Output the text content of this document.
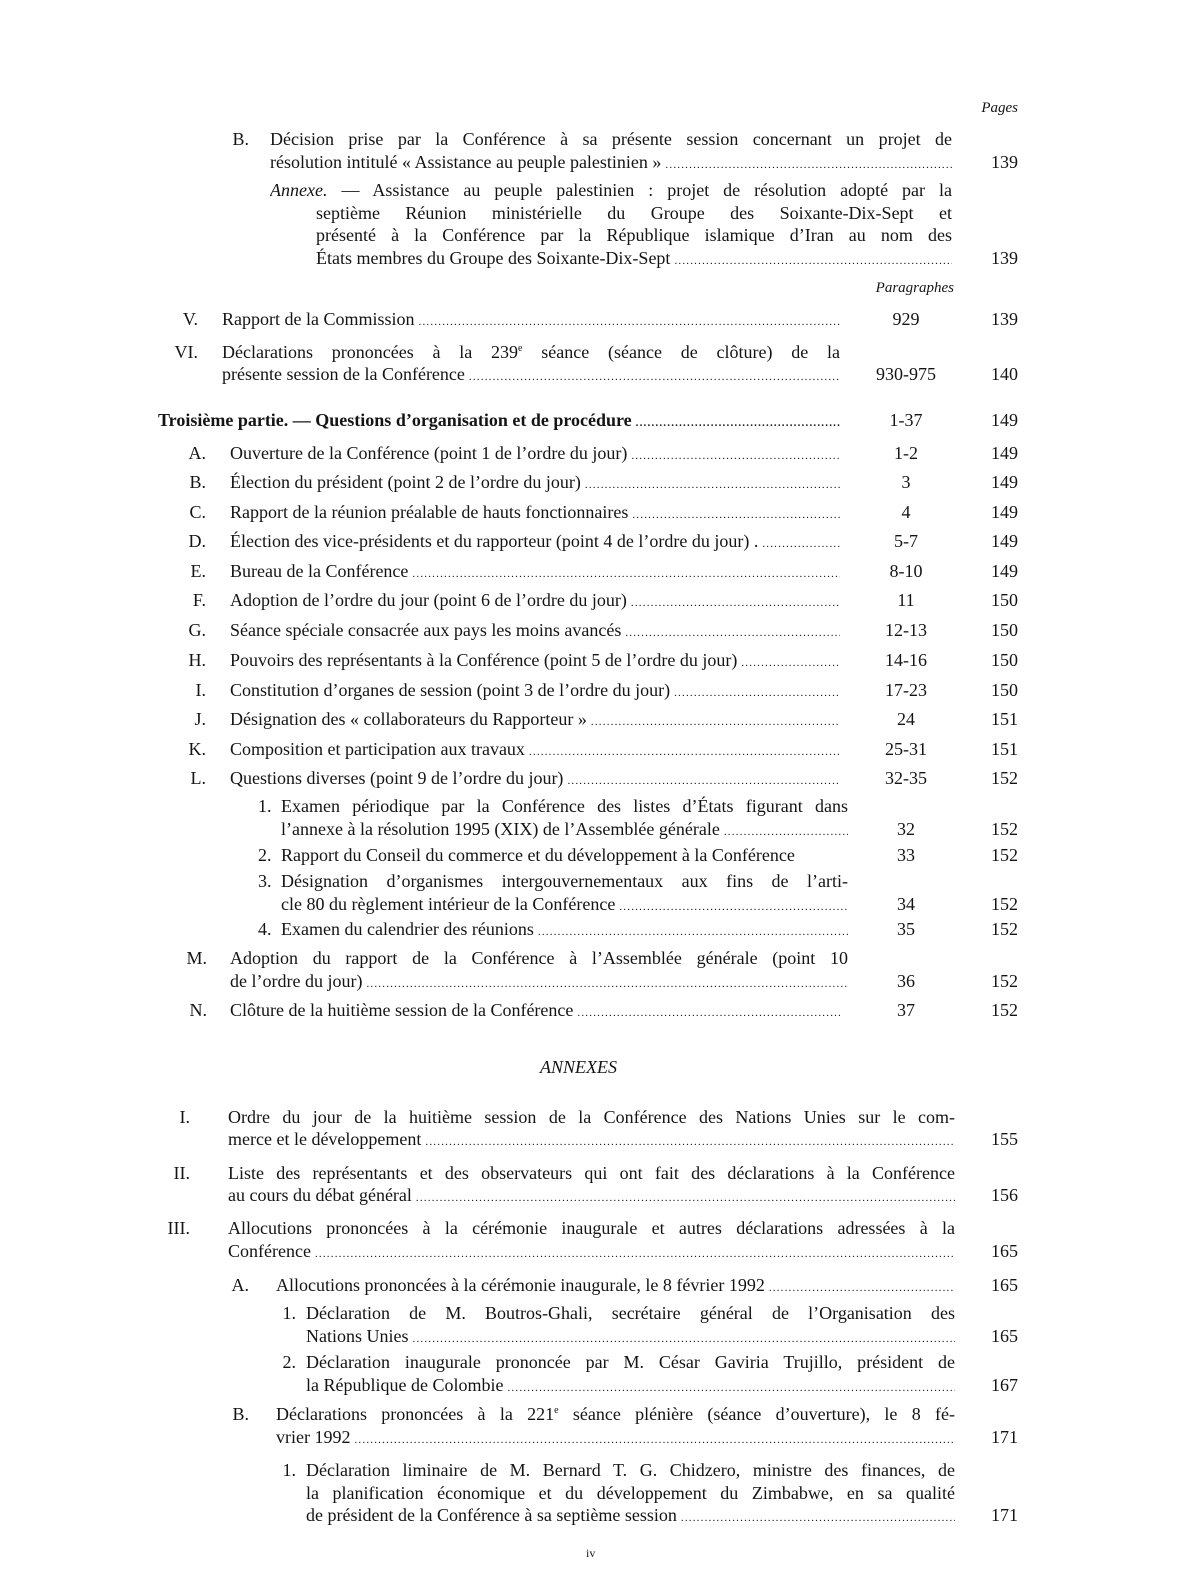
Pages
Paragraphes
ANNEXES
iv
B. Décision prise par la Conférence à sa présente session concernant un projet de
résolution intitulé « Assistance au peuple palestinien » .....	139
Annexe. — Assistance au peuple palestinien : projet de résolution adopté par la
septième Réunion ministérielle du Groupe des Soixante-Dix-Sept et
présenté à la Conférence par la République islamique d’Iran au nom des
États membres du Groupe des Soixante-Dix-Sept .....	139
V. Rapport de la Commission .....	929	139
VI. Déclarations prononcées à la 239e séance (séance de clôture) de la
présente session de la Conférence .....	930-975	140
Troisième partie. — Questions d’organisation et de procédure .....	1-37	149
A. Ouverture de la Conférence (point 1 de l’ordre du jour) .....	1-2	149
B. Élection du président (point 2 de l’ordre du jour) .....	3	149
C. Rapport de la réunion préalable de hauts fonctionnaires .....	4	149
D. Élection des vice-présidents et du rapporteur (point 4 de l’ordre du jour) . .....	5-7	149
E. Bureau de la Conférence .....	8-10	149
F. Adoption de l’ordre du jour (point 6 de l’ordre du jour) .....	11	150
G. Séance spéciale consacrée aux pays les moins avancés .....	12-13	150
H. Pouvoirs des représentants à la Conférence (point 5 de l’ordre du jour) .....	14-16	150
I. Constitution d’organes de session (point 3 de l’ordre du jour) .....	17-23	150
J. Désignation des « collaborateurs du Rapporteur » .....	24	151
K. Composition et participation aux travaux .....	25-31	151
L. Questions diverses (point 9 de l’ordre du jour) .....	32-35	152
1. Examen périodique par la Conférence des listes d’États figurant dans
l’annexe à la résolution 1995 (XIX) de l’Assemblée générale .....	32	152
2. Rapport du Conseil du commerce et du développement à la Conférence	33	152
3. Désignation d’organismes intergouvernementaux aux fins de l’arti-
cle 80 du règlement intérieur de la Conférence .....	34	152
4. Examen du calendrier des réunions .....	35	152
M. Adoption du rapport de la Conférence à l’Assemblée générale (point 10
de l’ordre du jour) .....	36	152
N. Clôture de la huitième session de la Conférence .....	37	152
I. Ordre du jour de la huitième session de la Conférence des Nations Unies sur le com-
merce et le développement .....	155
II. Liste des représentants et des observateurs qui ont fait des déclarations à la Conférence
au cours du débat général .....	156
III. Allocutions prononcées à la cérémonie inaugurale et autres déclarations adressées à la
Conférence .....	165
A. Allocutions prononcées à la cérémonie inaugurale, le 8 février 1992 .....	165
1. Déclaration de M. Boutros-Ghali, secrétaire général de l’Organisation des
Nations Unies .....	165
2. Déclaration inaugurale prononcée par M. César Gaviria Trujillo, président de
la République de Colombie .....	167
B. Déclarations prononcées à la 221e séance plénière (séance d’ouverture), le 8 fé-
vrier 1992 .....	171
1. Déclaration liminaire de M. Bernard T. G. Chidzero, ministre des finances, de
la planification économique et du développement du Zimbabwe, en sa qualité
de président de la Conférence à sa septième session .....	171
